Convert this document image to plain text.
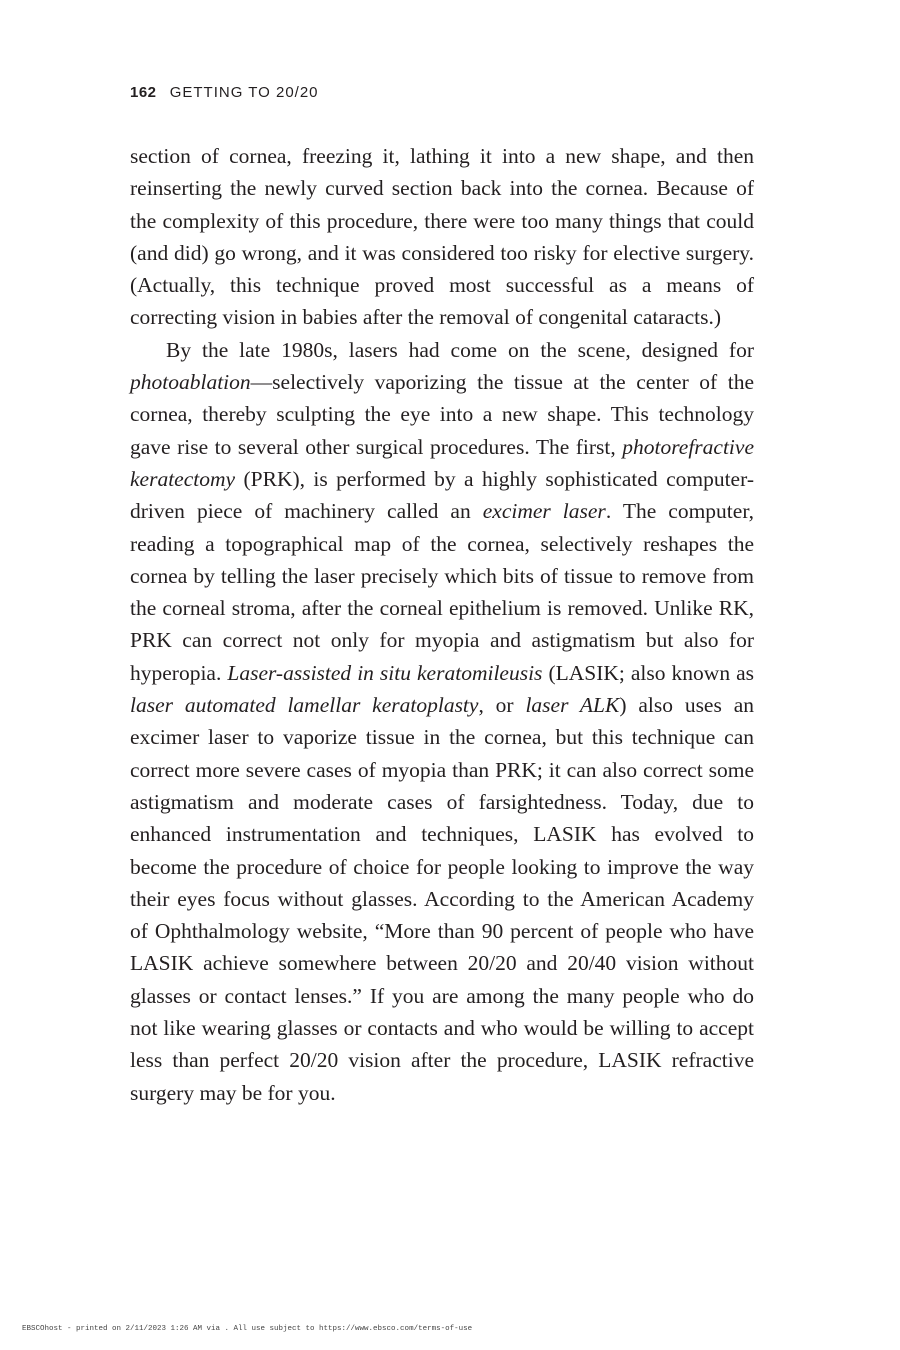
162 GETTING TO 20/20

section of cornea, freezing it, lathing it into a new shape, and then reinserting the newly curved section back into the cornea. Because of the complexity of this procedure, there were too many things that could (and did) go wrong, and it was considered too risky for elective surgery. (Actually, this technique proved most successful as a means of correcting vision in babies after the removal of congenital cataracts.)

By the late 1980s, lasers had come on the scene, designed for photoablation—selectively vaporizing the tissue at the center of the cornea, thereby sculpting the eye into a new shape. This technology gave rise to several other surgical procedures. The first, photorefractive keratectomy (PRK), is performed by a highly sophisticated computer-driven piece of machinery called an excimer laser. The computer, reading a topographical map of the cornea, selectively reshapes the cornea by telling the laser precisely which bits of tissue to remove from the corneal stroma, after the corneal epithelium is removed. Unlike RK, PRK can correct not only for myopia and astigmatism but also for hyperopia. Laser-assisted in situ keratomileusis (LASIK; also known as laser automated lamellar keratoplasty, or laser ALK) also uses an excimer laser to vaporize tissue in the cornea, but this technique can correct more severe cases of myopia than PRK; it can also correct some astigmatism and moderate cases of farsightedness. Today, due to enhanced instrumentation and techniques, LASIK has evolved to become the procedure of choice for people looking to improve the way their eyes focus without glasses. According to the American Academy of Ophthalmology website, “More than 90 percent of people who have LASIK achieve somewhere between 20/20 and 20/40 vision without glasses or contact lenses.” If you are among the many people who do not like wearing glasses or contacts and who would be willing to accept less than perfect 20/20 vision after the procedure, LASIK refractive surgery may be for you.

EBSCOhost - printed on 2/11/2023 1:26 AM via . All use subject to https://www.ebsco.com/terms-of-use
